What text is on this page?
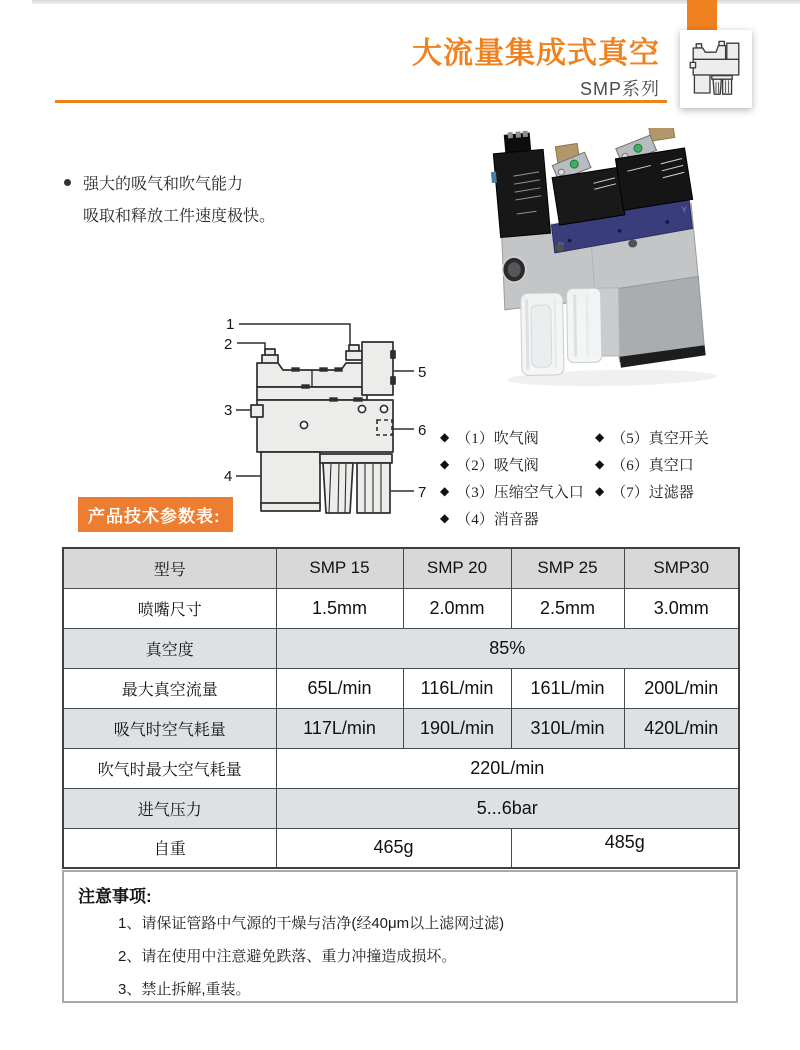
大流量集成式真空
SMP系列
强大的吸气和吹气能力
吸取和释放工件速度极快。	Y
1
2
3
4
5
6
7
◆ （1） 吹气阀
◆ （2） 吸气阀
◆ （3） 压缩空气入口
◆ （4） 消音器
◆ （5） 真空开关
◆ （6） 真空口
◆ （7） 过滤器
产品技术参数表:
型号	SMP 15	SMP 20	SMP 25	SMP30
喷嘴尺寸	1.5mm	2.0mm	2.5mm	3.0mm
真空度	85%			
最大真空流量	65L/min	116L/min	161L/min	200L/min
吸气时空气耗量	117L/min	190L/min	310L/min	420L/min
吹气时最大空气耗量	220L/min			
进气压力	5...6bar			
自重	465g		485g	
注意事项:
1、请保证管路中气源的干燥与洁净(经40μm以上滤网过滤)
2、请在使用中注意避免跌落、重力冲撞造成损坏。
3、禁止拆解,重装。
